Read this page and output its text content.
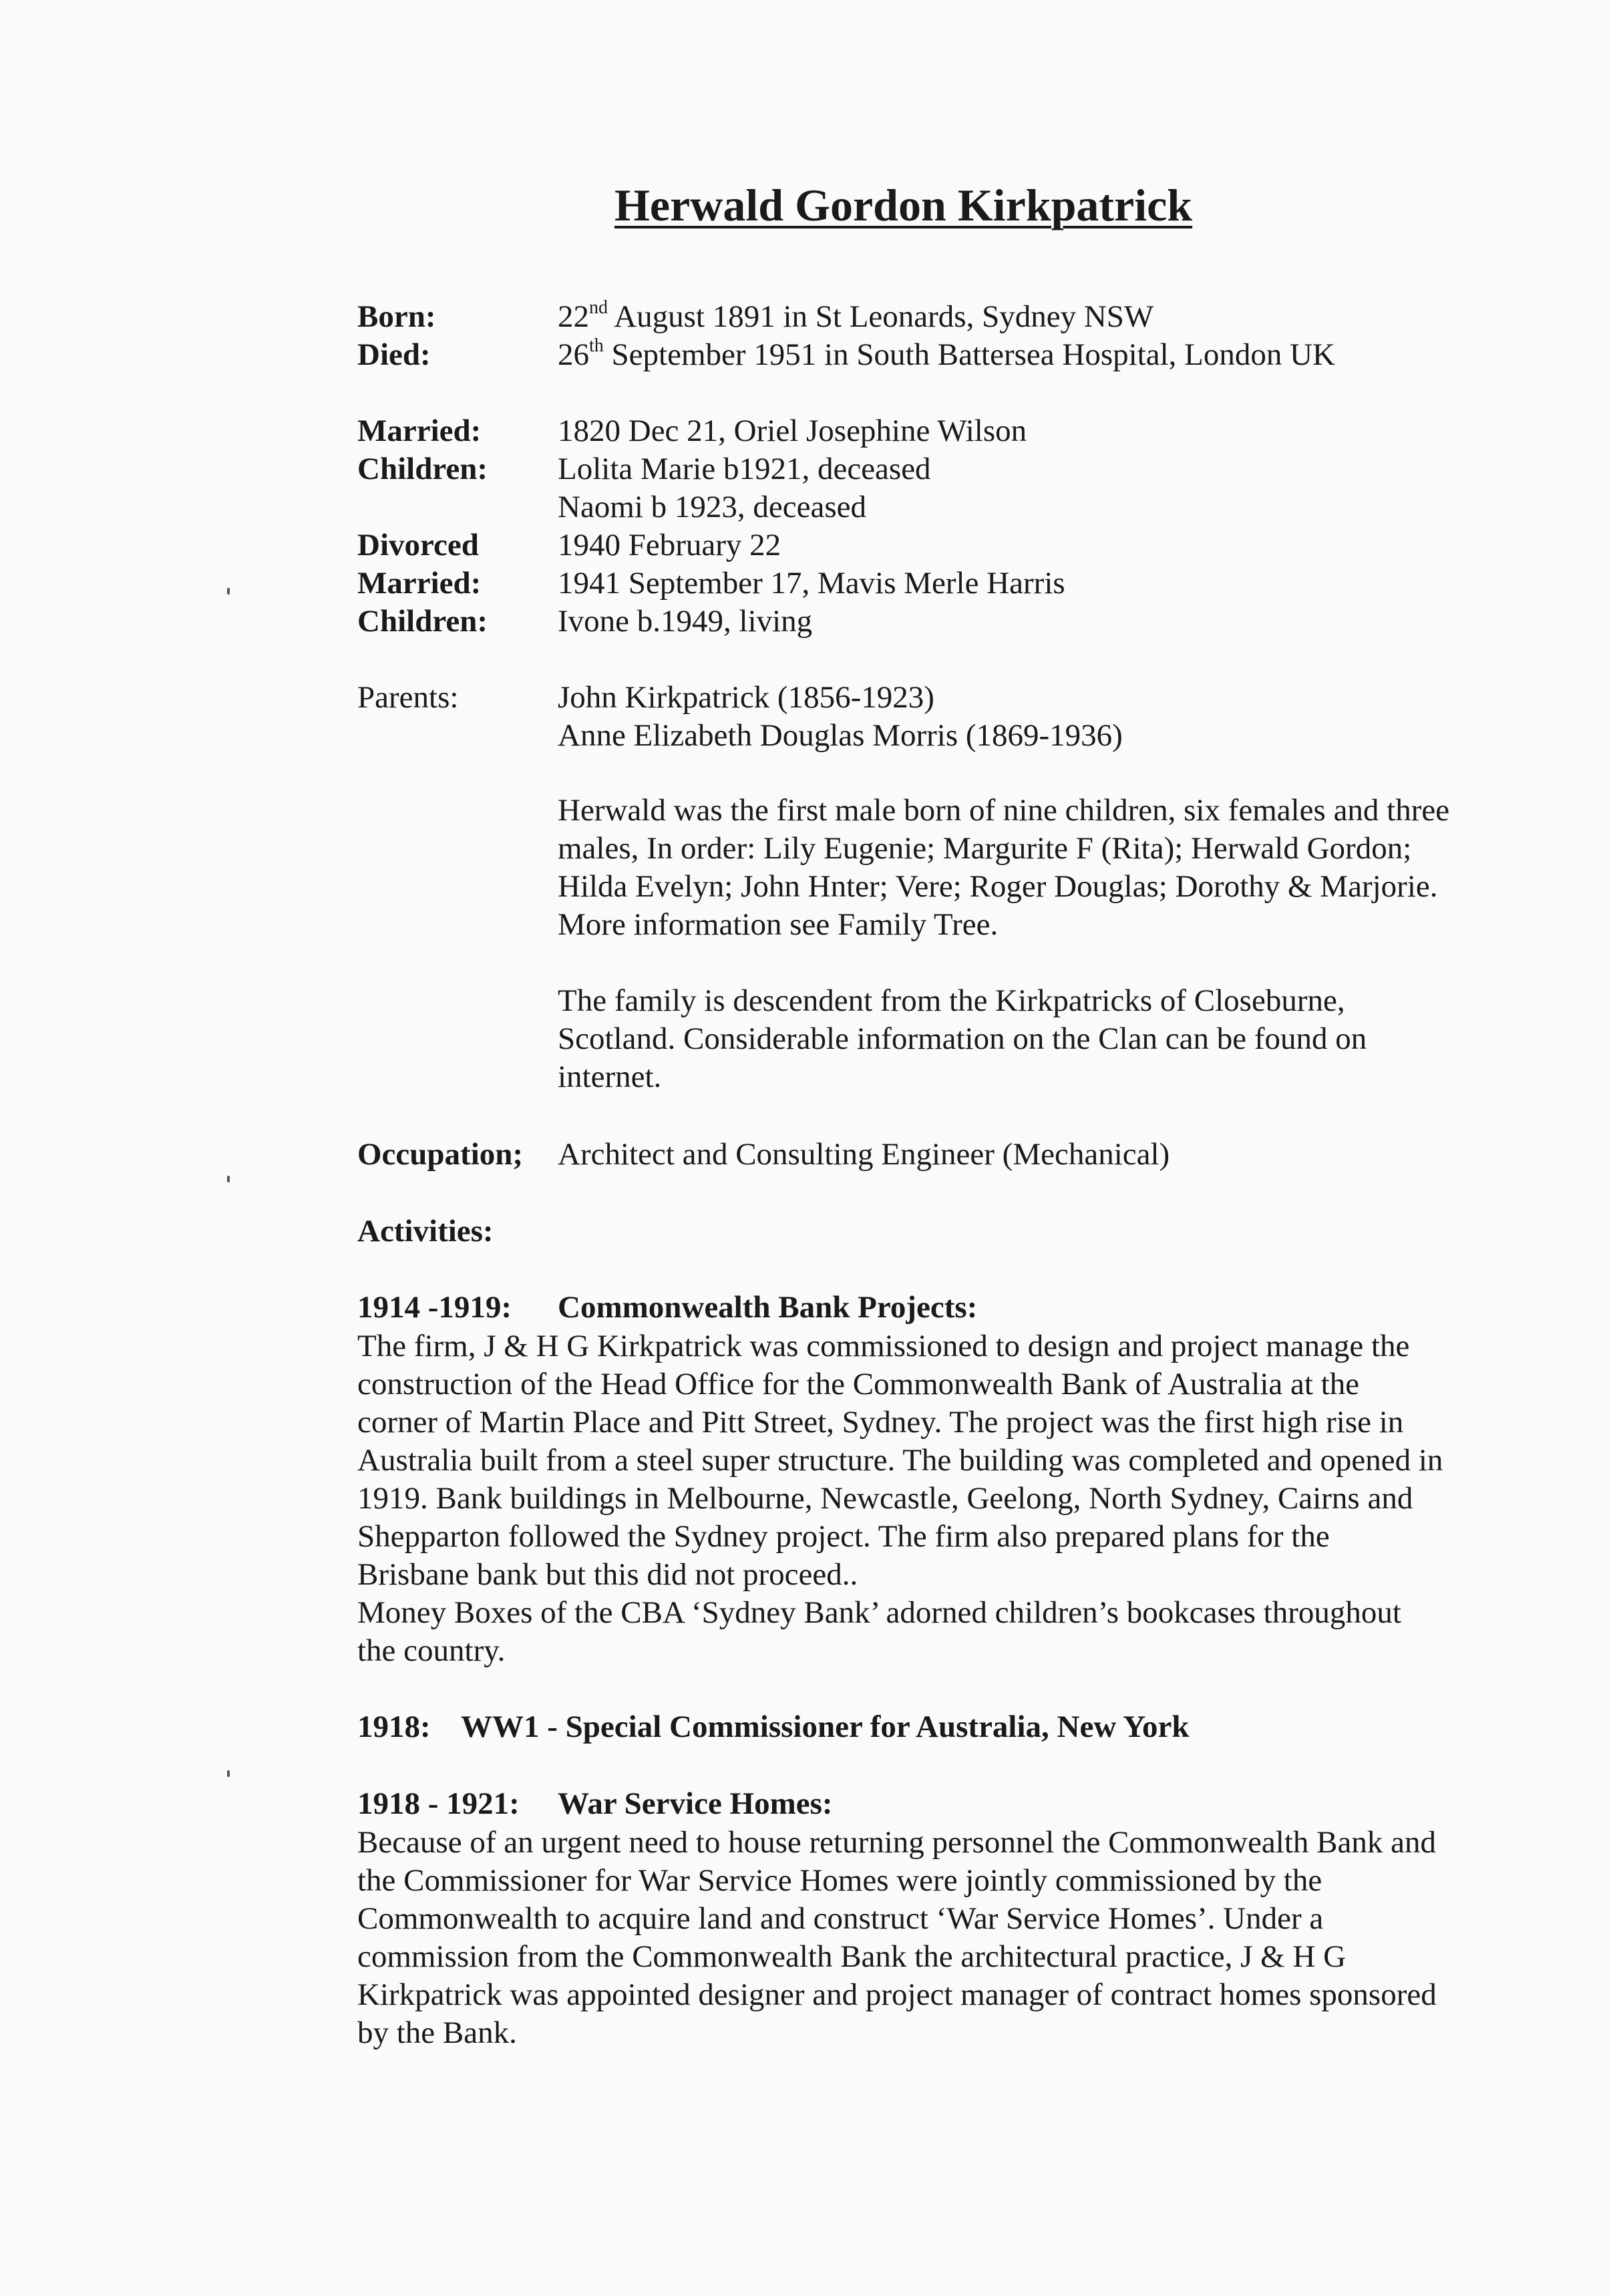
Herwald Gordon Kirkpatrick
Born:	22nd August 1891 in St Leonards, Sydney NSW
Died:	26th September 1951 in South Battersea Hospital, London UK
Married: 1820 Dec 21, Oriel Josephine Wilson
Children: Lolita Marie b1921, deceased
Naomi b 1923, deceased
Divorced	1940 February 22
Married: 1941 September 17, Mavis Merle Harris
Children: Ivone b.1949, living
Parents:	John Kirkpatrick (1856-1923)
Anne Elizabeth Douglas Morris (1869-1936)
Herwald was the first male born of nine children, six females and three
males, In order: Lily Eugenie; Margurite F (Rita); Herwald Gordon;
Hilda Evelyn; John Hnter; Vere; Roger Douglas; Dorothy & Marjorie.
More information see Family Tree.
The family is descendent from the Kirkpatricks of Closeburne,
Scotland. Considerable information on the Clan can be found on
internet.
Occupation; Architect and Consulting Engineer (Mechanical)
Activities:
1914 -1919: Commonwealth Bank Projects:
The firm, J & H G Kirkpatrick was commissioned to design and project manage the
construction of the Head Office for the Commonwealth Bank of Australia at the
corner of Martin Place and Pitt Street, Sydney. The project was the first high rise in
Australia built from a steel super structure. The building was completed and opened in
1919. Bank buildings in Melbourne, Newcastle, Geelong, North Sydney, Cairns and
Shepparton followed the Sydney project. The firm also prepared plans for the
Brisbane bank but this did not proceed..
Money Boxes of the CBA ‘Sydney Bank’ adorned children’s bookcases throughout
the country.
1918: WW1 - Special Commissioner for Australia, New York
1918 - 1921: War Service Homes:
Because of an urgent need to house returning personnel the Commonwealth Bank and
the Commissioner for War Service Homes were jointly commissioned by the
Commonwealth to acquire land and construct ‘War Service Homes’. Under a
commission from the Commonwealth Bank the architectural practice, J & H G
Kirkpatrick was appointed designer and project manager of contract homes sponsored
by the Bank.
